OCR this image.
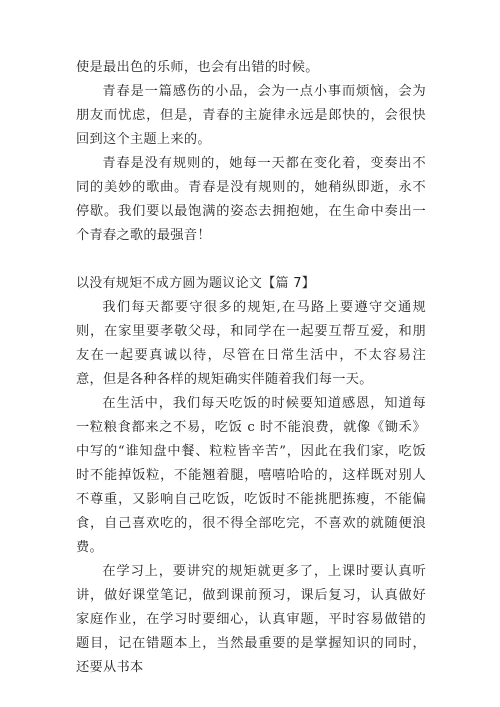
使是最出色的乐师，也会有出错的时候。

青春是一篇感伤的小品，会为一点小事而烦恼，会为朋友而忧虑，但是，青春的主旋律永远是郎快的，会很快回到这个主题上来的。

青春是没有规则的，她每一天都在变化着，变奏出不同的美妙的歌曲。青春是没有规则的，她稍纵即逝，永不停歇。我们要以最饱满的姿态去拥抱她，在生命中奏出一个青春之歌的最强音！

以没有规矩不成方圆为题议论文【篇 7】

我们每天都要守很多的规矩,在马路上要遵守交通规则，在家里要孝敬父母，和同学在一起要互帮互爱，和朋友在一起要真诚以待，尽管在日常生活中，不太容易注意，但是各种各样的规矩确实伴随着我们每一天。

在生活中，我们每天吃饭的时候要知道感恩，知道每一粒粮食都来之不易，吃饭 c 时不能浪费，就像《锄禾》中写的“谁知盘中餐、粒粒皆辛苦”，因此在我们家，吃饭时不能掉饭粒，不能翘着腿，嘻嘻哈哈的，这样既对别人不尊重，又影响自己吃饭，吃饭时不能挑肥拣瘦，不能偏食，自己喜欢吃的，很不得全部吃完，不喜欢的就随便浪费。

在学习上，要讲究的规矩就更多了，上课时要认真听讲，做好课堂笔记，做到课前预习，课后复习，认真做好家庭作业，在学习时要细心，认真审题，平时容易做错的题目，记在错题本上，当然最重要的是掌握知识的同时，还要从书本
